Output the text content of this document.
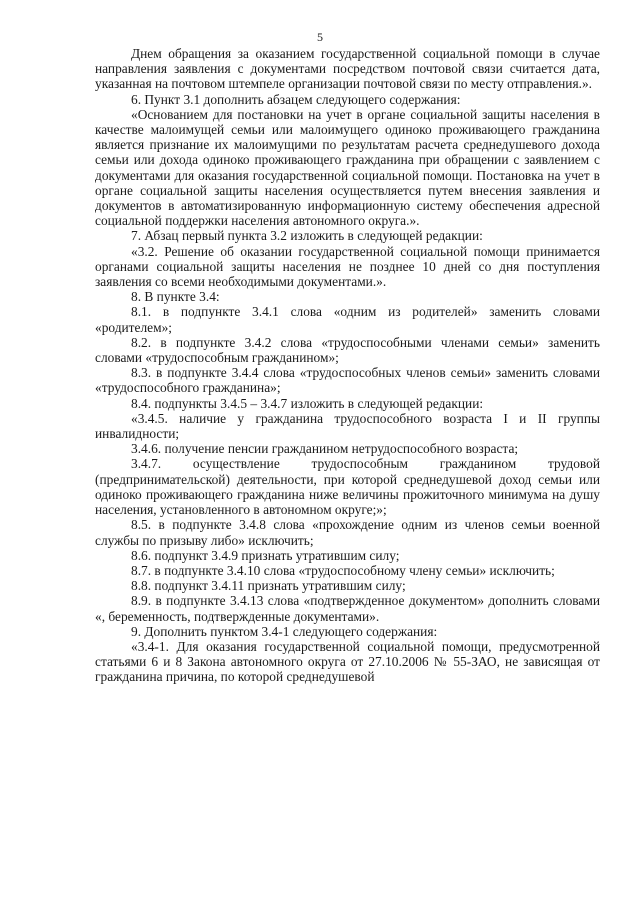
5

Днем обращения за оказанием государственной социальной помощи в случае направления заявления с документами посредством почтовой связи считается дата, указанная на почтовом штемпеле организации почтовой связи по месту отправления.».

6. Пункт 3.1 дополнить абзацем следующего содержания:

«Основанием для постановки на учет в органе социальной защиты населения в качестве малоимущей семьи или малоимущего одиноко проживающего гражданина является признание их малоимущими по результатам расчета среднедушевого дохода семьи или дохода одиноко проживающего гражданина при обращении с заявлением с документами для оказания государственной социальной помощи. Постановка на учет в органе социальной защиты населения осуществляется путем внесения заявления и документов в автоматизированную информационную систему обеспечения адресной социальной поддержки населения автономного округа.».

7. Абзац первый пункта 3.2 изложить в следующей редакции:

«3.2. Решение об оказании государственной социальной помощи принимается органами социальной защиты населения не позднее 10 дней со дня поступления заявления со всеми необходимыми документами.».

8. В пункте 3.4:

8.1. в подпункте 3.4.1 слова «одним из родителей» заменить словами «родителем»;

8.2. в подпункте 3.4.2 слова «трудоспособными членами семьи» заменить словами «трудоспособным гражданином»;

8.3. в подпункте 3.4.4 слова «трудоспособных членов семьи» заменить словами «трудоспособного гражданина»;

8.4. подпункты 3.4.5 – 3.4.7 изложить в следующей редакции:

«3.4.5. наличие у гражданина трудоспособного возраста I и II группы инвалидности;

3.4.6. получение пенсии гражданином нетрудоспособного возраста;

3.4.7. осуществление трудоспособным гражданином трудовой (предпринимательской) деятельности, при которой среднедушевой доход семьи или одиноко проживающего гражданина ниже величины прожиточного минимума на душу населения, установленного в автономном округе;»;

8.5. в подпункте 3.4.8 слова «прохождение одним из членов семьи военной службы по призыву либо» исключить;

8.6. подпункт 3.4.9 признать утратившим силу;

8.7. в подпункте 3.4.10 слова «трудоспособному члену семьи» исключить;

8.8. подпункт 3.4.11 признать утратившим силу;

8.9. в подпункте 3.4.13 слова «подтвержденное документом» дополнить словами «, беременность, подтвержденные документами».

9. Дополнить пунктом 3.4-1 следующего содержания:

«3.4-1. Для оказания государственной социальной помощи, предусмотренной статьями 6 и 8 Закона автономного округа от 27.10.2006 № 55-ЗАО, не зависящая от гражданина причина, по которой среднедушевой
